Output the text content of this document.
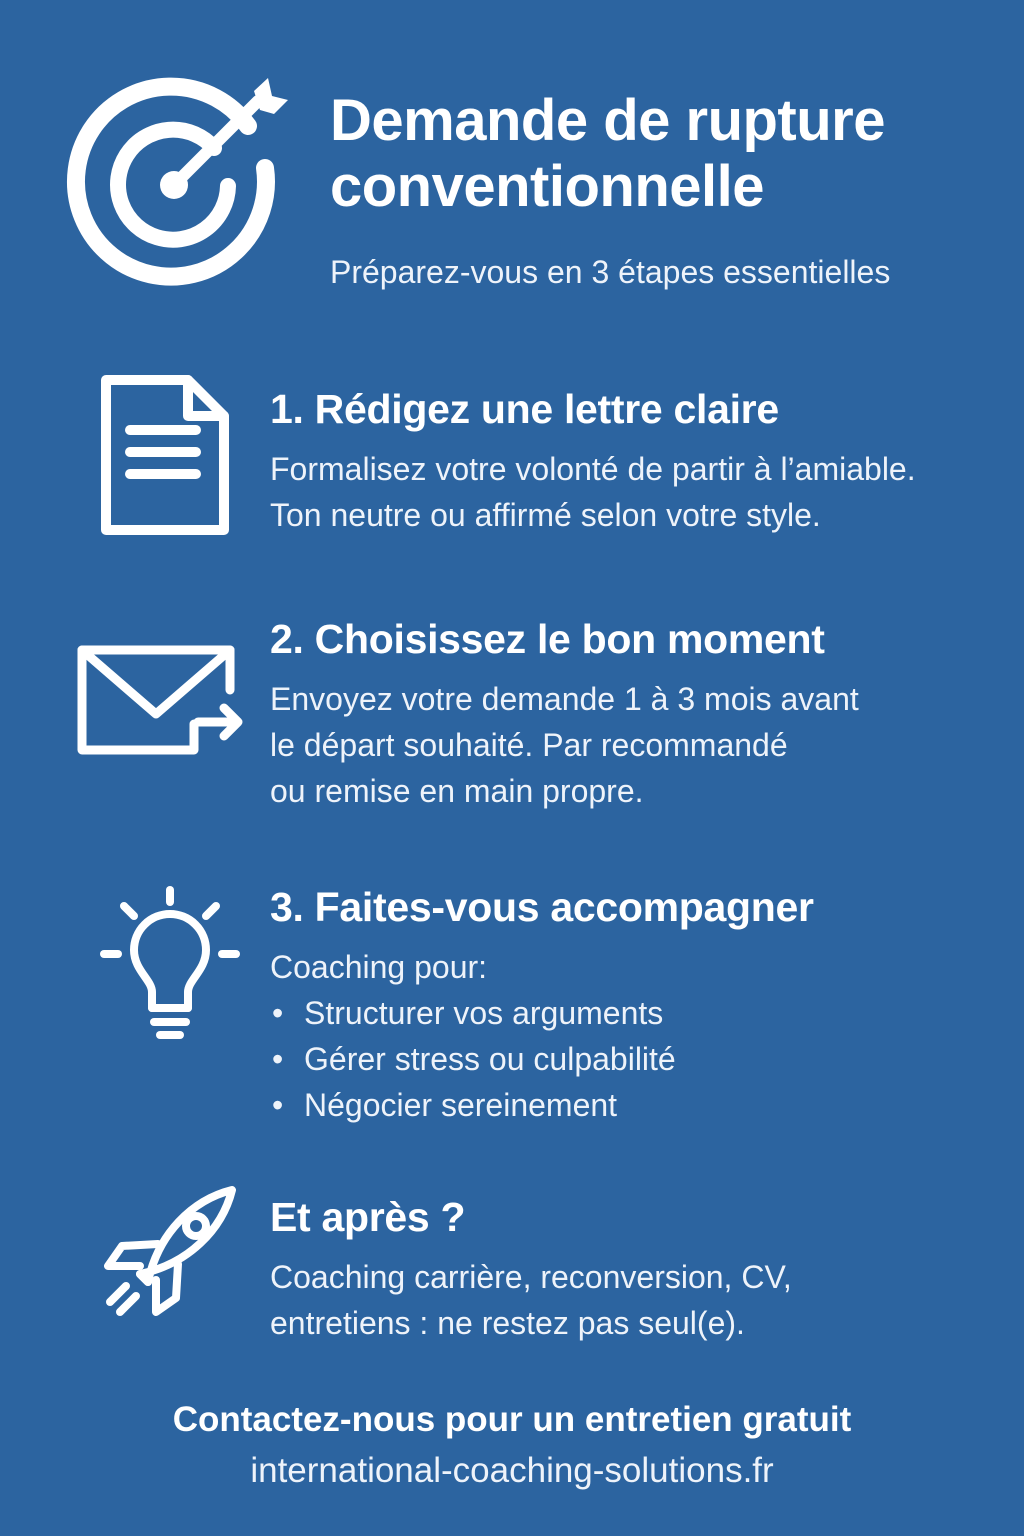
Demande de rupture
conventionnelle
Préparez-vous en 3 étapes essentielles
1. Rédigez une lettre claire

Formalisez votre volonté de partir à l’amiable.

Ton neutre ou affirmé selon votre style.

2. Choisissez le bon moment

Envoyez votre demande 1 à 3 mois avant

le départ souhaité. Par recommandé

ou remise en main propre.

3. Faites-vous accompagner

Coaching pour:

• Structurer vos arguments
• Gérer stress ou culpabilité
• Négocier sereinement
Et après ?

Coaching carrière, reconversion, CV,

entretiens : ne restez pas seul(e).

Contactez-nous pour un entretien gratuit
international-coaching-solutions.fr
